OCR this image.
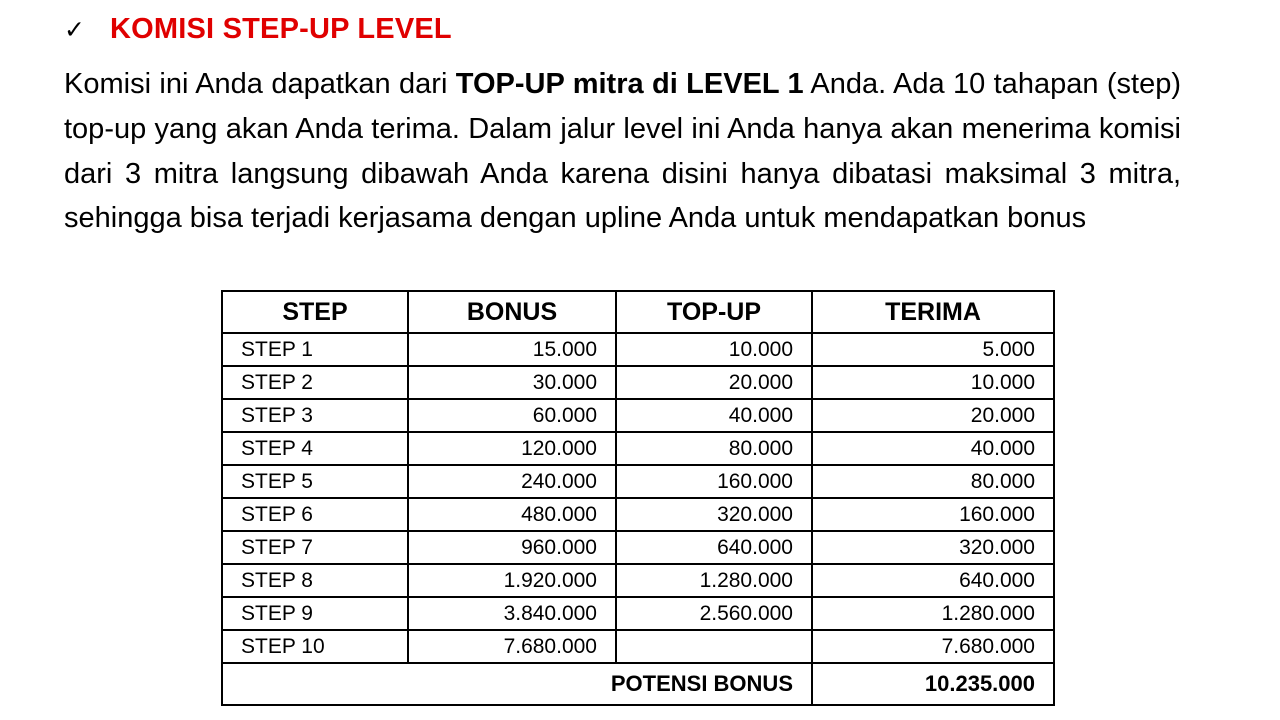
✓ KOMISI STEP-UP LEVEL

Komisi ini Anda dapatkan dari TOP-UP mitra di LEVEL 1 Anda. Ada 10 tahapan (step) top-up yang akan Anda terima. Dalam jalur level ini Anda hanya akan menerima komisi dari 3 mitra langsung dibawah Anda karena disini hanya dibatasi maksimal 3 mitra, sehingga bisa terjadi kerjasama dengan upline Anda untuk mendapatkan bonus

STEP	BONUS	TOP-UP	TERIMA
STEP 1	15.000	10.000	5.000
STEP 2	30.000	20.000	10.000
STEP 3	60.000	40.000	20.000
STEP 4	120.000	80.000	40.000
STEP 5	240.000	160.000	80.000
STEP 6	480.000	320.000	160.000
STEP 7	960.000	640.000	320.000
STEP 8	1.920.000	1.280.000	640.000
STEP 9	3.840.000	2.560.000	1.280.000
STEP 10	7.680.000		7.680.000
POTENSI BONUS			10.235.000
